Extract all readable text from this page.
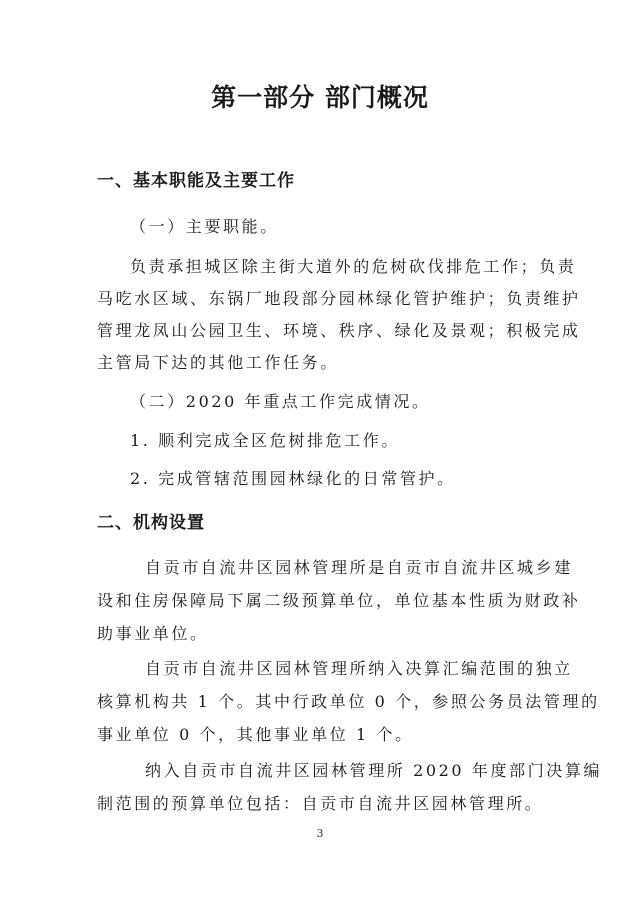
第一部分 部门概况
一、基本职能及主要工作
（一）主要职能。
负责承担城区除主街大道外的危树砍伐排危工作；负责
马吃水区域、东锅厂地段部分园林绿化管护维护；负责维护
管理龙凤山公园卫生、环境、秩序、绿化及景观；积极完成
主管局下达的其他工作任务。
（二）2020 年重点工作完成情况。
1. 顺利完成全区危树排危工作。
2. 完成管辖范围园林绿化的日常管护。
二、机构设置
自贡市自流井区园林管理所是自贡市自流井区城乡建
设和住房保障局下属二级预算单位，单位基本性质为财政补
助事业单位。
自贡市自流井区园林管理所纳入决算汇编范围的独立
核算机构共 1 个。其中行政单位 0 个，参照公务员法管理的
事业单位 0 个，其他事业单位 1 个。
纳入自贡市自流井区园林管理所 2020 年度部门决算编
制范围的预算单位包括：自贡市自流井区园林管理所。
3
